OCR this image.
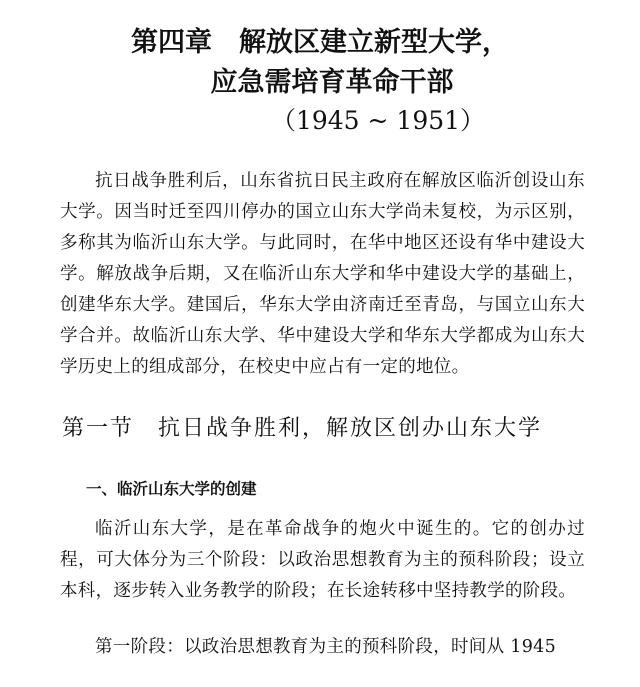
第四章　解放区建立新型大学，
应急需培育革命干部
（1945 ~ 1951）

抗日战争胜利后，山东省抗日民主政府在解放区临沂创设山东大学。因当时迁至四川停办的国立山东大学尚未复校，为示区别，多称其为临沂山东大学。与此同时，在华中地区还设有华中建设大学。解放战争后期，又在临沂山东大学和华中建设大学的基础上，创建华东大学。建国后，华东大学由济南迁至青岛，与国立山东大学合并。故临沂山东大学、华中建设大学和华东大学都成为山东大学历史上的组成部分，在校史中应占有一定的地位。

第一节　抗日战争胜利，解放区创办山东大学
一、临沂山东大学的创建

临沂山东大学，是在革命战争的炮火中诞生的。它的创办过程，可大体分为三个阶段：以政治思想教育为主的预科阶段；设立本科，逐步转入业务教学的阶段；在长途转移中坚持教学的阶段。

第一阶段：以政治思想教育为主的预科阶段，时间从 1945
